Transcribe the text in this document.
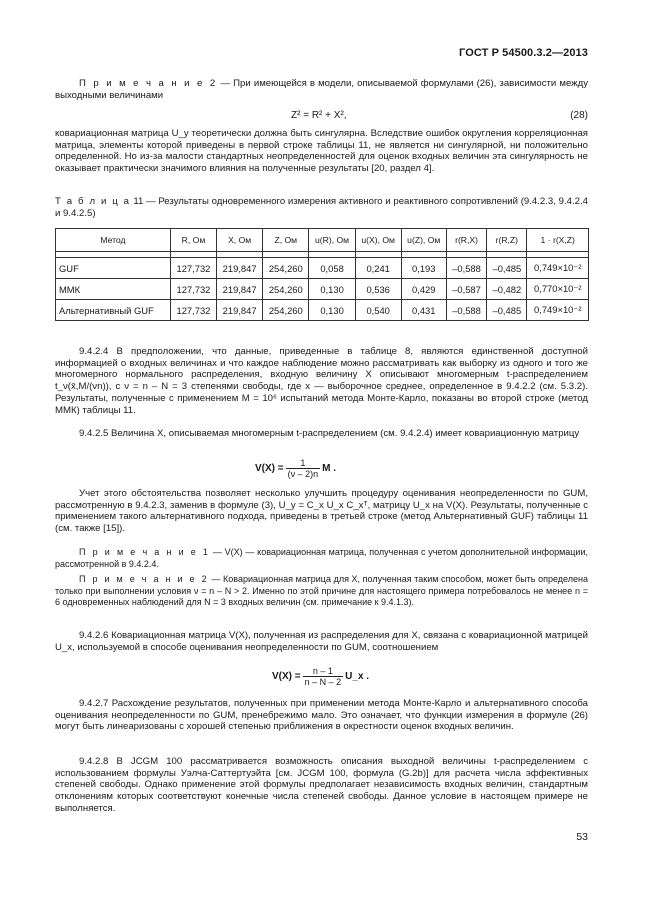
ГОСТ Р 54500.3.2—2013

П р и м е ч а н и е 2 — При имеющейся в модели, описываемой формулами (26), зависимости между выходными величинами

Z² = R² + X²,	(28)

ковариационная матрица U_y теоретически должна быть сингулярна. Вследствие ошибок округления корреляционная матрица, элементы которой приведены в первой строке таблицы 11, не является ни сингулярной, ни положительно определенной. Но из-за малости стандартных неопределенностей для оценок входных величин эта сингулярность не оказывает практически значимого влияния на полученные результаты [20, раздел 4].

Т а б л и ц а 11 — Результаты одновременного измерения активного и реактивного сопротивлений (9.4.2.3, 9.4.2.4 и 9.4.2.5)

Метод	R, Ом	X, Ом	Z, Ом	u(R), Ом	u(X), Ом	u(Z), Ом	r(R,X)	r(R,Z)	1 · r(X,Z)

GUF	127,732	219,847	254,260	0,058	0,241	0,193	–0,588	–0,485	0,749×10⁻²
ММК	127,732	219,847	254,260	0,130	0,536	0,429	–0,587	–0,482	0,770×10⁻²
Альтернативный GUF	127,732	219,847	254,260	0,130	0,540	0,431	–0,588	–0,485	0,749×10⁻²

9.4.2.4 В предположении, что данные, приведенные в таблице 8, являются единственной доступной информацией о входных величинах и что каждое наблюдение можно рассматривать как выборку из одного и того же многомерного нормального распределения, входную величину X описывают многомерным t-распределением t_ν(x̄,M/(νn)), с ν = n – N = 3 степенями свободы, где x — выборочное среднее, определенное в 9.4.2.2 (см. 5.3.2). Результаты, полученные с применением M = 10⁶ испытаний метода Монте-Карло, показаны во второй строке (метод ММК) таблицы 11.

9.4.2.5 Величина X, описываемая многомерным t-распределением (см. 9.4.2.4) имеет ковариационную матрицу

$V(X) = \frac{1}{(\nu - 2)n}$ M .

Учет этого обстоятельства позволяет несколько улучшить процедуру оценивания неопределенности по GUM, рассмотренную в 9.4.2.3, заменив в формуле (3), U_y = C_x U_x C_xᵀ, матрицу U_x на V(X). Результаты, полученные с применением такого альтернативного подхода, приведены в третьей строке (метод Альтернативный GUF) таблицы 11 (см. также [15]).

П р и м е ч а н и е 1 — V(X) — ковариационная матрица, полученная с учетом дополнительной информации, рассмотренной в 9.4.2.4.

П р и м е ч а н и е 2 — Ковариационная матрица для X, полученная таким способом, может быть определена только при выполнении условия ν = n – N > 2. Именно по этой причине для настоящего примера потребовалось не менее n = 6 одновременных наблюдений для N = 3 входных величин (см. примечание к 9.4.1.3).

9.4.2.6 Ковариационная матрица V(X), полученная из распределения для X, связана с ковариационной матрицей U_x, используемой в способе оценивания неопределенности по GUM, соотношением

$V(X) = \frac{n - 1}{n - N - 2}$ U_x .

9.4.2.7 Расхождение результатов, полученных при применении метода Монте-Карло и альтернативного способа оценивания неопределенности по GUM, пренебрежимо мало. Это означает, что функции измерения в формуле (26) могут быть линеаризованы с хорошей степенью приближения в окрестности оценок входных величин.

9.4.2.8 В JCGM 100 рассматривается возможность описания выходной величины t-распределением с использованием формулы Уэлча-Саттертуэйта [см. JCGM 100, формула (G.2b)] для расчета числа эффективных степеней свободы. Однако применение этой формулы предполагает независимость входных величин, стандартным отклонениям которых соответствуют конечные числа степеней свободы. Данное условие в настоящем примере не выполняется.

53
